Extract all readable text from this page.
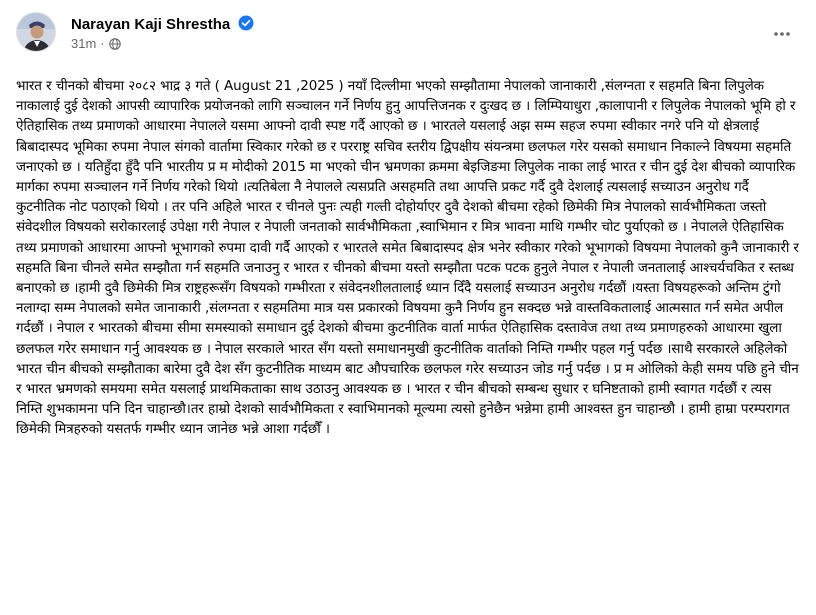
Narayan Kaji Shrestha
31m ·

भारत र चीनको बीचमा २०८२ भाद्र ३ गते ( August 21 ,2025 ) नयाँ दिल्लीमा भएको सम्झौतामा नेपालको जानाकारी ,संलग्नता र सहमति बिना लिपुलेक नाकालाई दुई देशको आपसी व्यापारिक प्रयोजनको लागि सञ्चालन गर्ने निर्णय हुनु आपत्तिजनक र दुःखद छ । लिम्पियाधुरा ,कालापानी र लिपुलेक नेपालको भूमि हो र ऐतिहासिक तथ्य प्रमाणको आधारमा नेपालले यसमा आफ्नो दावी स्पष्ट गर्दै आएको छ । भारतले यसलाई अझ सम्म सहज रुपमा स्वीकार नगरे पनि यो क्षेत्रलाई बिबादास्पद भूमिका रुपमा नेपाल संगको वार्तामा स्विकार गरेको छ र परराष्ट्र सचिव स्तरीय द्विपक्षीय संयन्त्रमा छलफल गरेर यसको समाधान निकाल्ने विषयमा सहमति जनाएको छ । यतिहुँदा हुँदै पनि भारतीय प्र म मोदीको 2015 मा भएको चीन भ्रमणका क्रममा बेइजिङमा लिपुलेक नाका लाई भारत र चीन दुई देश बीचको व्यापारिक मार्गका रुपमा सञ्चालन गर्ने निर्णय गरेको थियो ।त्यतिबेला नै नेपालले त्यसप्रति असहमति तथा आपत्ति प्रकट गर्दै दुवै देशलाई त्यसलाई सच्याउन अनुरोध गर्दै कुटनीतिक नोट पठाएको थियो । तर पनि अहिले भारत र चीनले पुनः त्यही गल्ती दोहोर्याएर दुवै देशको बीचमा रहेको छिमेकी मित्र नेपालको सार्वभौमिकता जस्तो संवेदशील विषयको सरोकारलाई उपेक्षा गरी नेपाल र नेपाली जनताको सार्वभौमिकता ,स्वाभिमान र मित्र भावना माथि गम्भीर चोट पुर्याएको छ । नेपालले ऐतिहासिक तथ्य प्रमाणको आधारमा आफ्नो भूभागको रुपमा दावी गर्दै आएको र भारतले समेत बिबादास्पद क्षेत्र भनेर स्वीकार गरेको भूभागको विषयमा नेपालको कुनै जानाकारी र सहमति बिना चीनले समेत सम्झौता गर्न सहमति जनाउनु र भारत र चीनको बीचमा यस्तो सम्झौता पटक पटक हुनुले नेपाल र नेपाली जनतालाई आश्चर्यचकित र स्तब्ध बनाएको छ ।हामी दुवै छिमेकी मित्र राष्ट्रहरूसँग विषयको गम्भीरता र संवेदनशीलतालाई ध्यान दिँदै यसलाई सच्याउन अनुरोध गर्दछौं ।यस्ता विषयहरूको अन्तिम टुंगो नलाग्दा सम्म नेपालको समेत जानाकारी ,संलग्नता र सहमतिमा मात्र यस प्रकारको विषयमा कुनै निर्णय हुन सक्दछ भन्ने वास्तविकतालाई आत्मसात गर्न समेत अपील गर्दछौं । नेपाल र भारतको बीचमा सीमा समस्याको समाधान दुई देशको बीचमा कुटनीतिक वार्ता मार्फत ऐतिहासिक दस्तावेज तथा तथ्य प्रमाणहरुको आधारमा खुला छलफल गरेर समाधान गर्नु आवश्यक छ । नेपाल सरकाले भारत सँग यस्तो समाधानमुखी कुटनीतिक वार्ताको निम्ति गम्भीर पहल गर्नु पर्दछ ।साथै सरकारले अहिलेको भारत चीन बीचको सम्झौताका बारेमा दुवै देश सँग कुटनीतिक माध्यम बाट औपचारिक छलफल गरेर सच्याउन जोड गर्नु पर्दछ । प्र म ओलिको केही समय पछि हुने चीन र भारत भ्रमणको समयमा समेत यसलाई प्राथमिकताका साथ उठाउनु आवश्यक छ । भारत र चीन बीचको सम्बन्ध सुधार र घनिष्टताको हामी स्वागत गर्दछौं र त्यस निम्ति शुभकामना पनि दिन चाहान्छौ।तर हाम्रो देशको सार्वभौमिकता र स्वाभिमानको मूल्यमा त्यसो हुनेछैन भन्नेमा हामी आश्वस्त हुन चाहान्छौ । हामी हाम्रा परम्परागत छिमेकी मित्रहरुको यसतर्फ गम्भीर ध्यान जानेछ भन्ने आशा गर्दछौँ ।
